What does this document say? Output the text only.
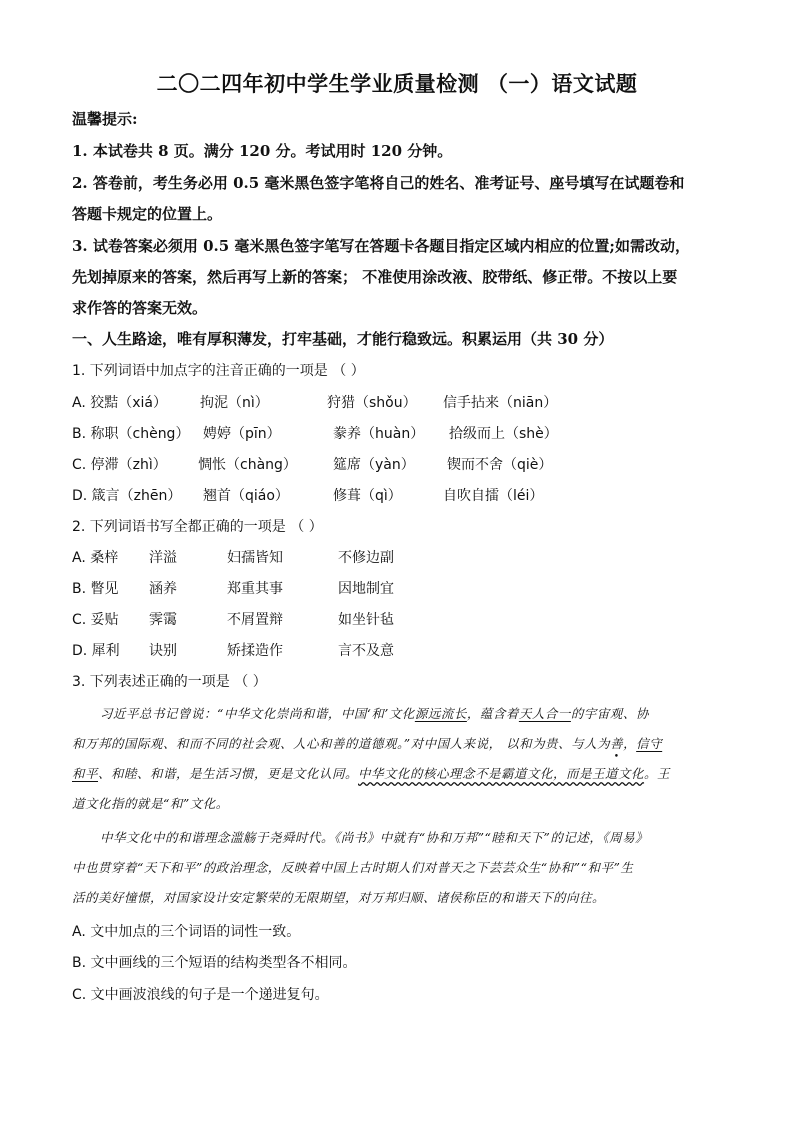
二〇二四年初中学生学业质量检测 （一）语文试题
温馨提示:
1. 本试卷共 8 页。满分 120 分。考试用时 120 分钟。
2. 答卷前，考生务必用 0.5 毫米黑色签字笔将自己的姓名、准考证号、座号填写在试题卷和
答题卡规定的位置上。
3. 试卷答案必须用 0.5 毫米黑色签字笔写在答题卡各题目指定区域内相应的位置;如需改动，
先划掉原来的答案，然后再写上新的答案； 不准使用涂改液、胶带纸、修正带。不按以上要
求作答的答案无效。
一、人生路途，唯有厚积薄发，打牢基础，才能行稳致远。积累运用（共 30 分）
1. 下列词语中加点字的注音正确的一项是 （ ）
A. 狡黠（xiá） 拘泥（nì）	狩猎（shǒu） 信手拈来（niān）
B. 称职（chèng） 娉婷（pīn）	豢养（huàn） 拾级而上（shè）
C. 停滞（zhì） 惆怅（chàng）	筵席（yàn） 锲而不舍（qiè）
D. 箴言（zhēn） 翘首（qiáo）	修葺（qì）	自吹自擂（léi）
2. 下列词语书写全都正确的一项是 （ ）
A. 桑梓 洋溢	妇孺皆知	不修边副
B. 瞥见 涵养	郑重其事	因地制宜
C. 妥贴 霁霭	不屑置辩	如坐针毡
D. 犀利 诀别	矫揉造作	言不及意
3. 下列表述正确的一项是 （ ）
习近平总书记曾说：“中华文化崇尚和谐，中国‘和’文化源远流长，蕴含着天人合一的宇宙观、协
和万邦的国际观、和而不同的社会观、人心和善的道德观。”对中国人来说， 以和为贵、与人为善，信守
和平、和睦、和谐，是生活习惯，更是文化认同。中华文化的核心理念不是霸道文化，而是王道文化。王
道文化指的就是“和”文化。
中华文化中的和谐理念滥觞于尧舜时代。《尚书》中就有“协和万邦”“睦和天下”的记述，《周易》
中也贯穿着“天下和平”的政治理念，反映着中国上古时期人们对普天之下芸芸众生“协和”“和平”生
活的美好憧憬，对国家设计安定繁荣的无限期望，对万邦归顺、诸侯称臣的和谐天下的向往。
A. 文中加点的三个词语的词性一致。
B. 文中画线的三个短语的结构类型各不相同。
C. 文中画波浪线的句子是一个递进复句。
